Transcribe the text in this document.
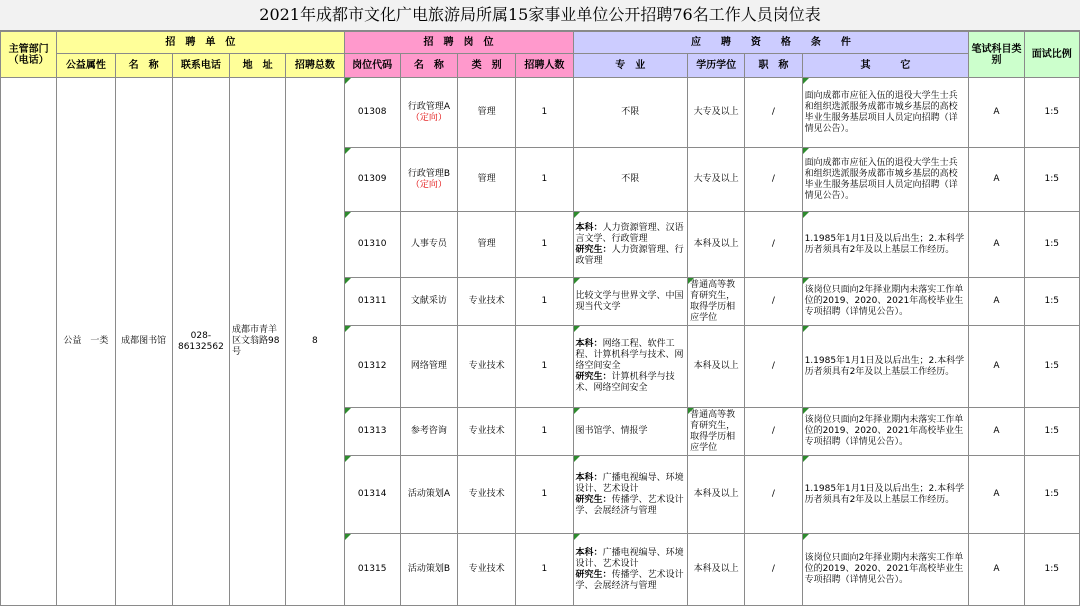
2021年成都市文化广电旅游局所属15家事业单位公开招聘76名工作人员岗位表
主管部门（电话）	招　聘　单　位					招　聘　岗　位				应　　聘　　资　　格　　条　　件				笔试科目类别	面试比例
	公益属性	名　称	联系电话	地　址	招聘总数	岗位代码	名　称	类　别	招聘人数	专　业	学历学位	职　称	其　　　它		
	公益　一类	成都图书馆	028-86132562	成都市青羊区文翁路98号	8	01308	行政管理A
（定向）	管理	1	不限	大专及以上	/	面向成都市应征入伍的退役大学生士兵和组织选派服务成都市城乡基层的高校毕业生服务基层项目人员定向招聘（详情见公告）。	A	1:5
						01309	行政管理B
（定向）	管理	1	不限	大专及以上	/	面向成都市应征入伍的退役大学生士兵和组织选派服务成都市城乡基层的高校毕业生服务基层项目人员定向招聘（详情见公告）。	A	1:5
						01310	人事专员	管理	1	本科：人力资源管理、汉语言文学、行政管理
研究生：人力资源管理、行政管理	本科及以上	/	1.1985年1月1日及以后出生；2.本科学历者须具有2年及以上基层工作经历。	A	1:5
						01311	文献采访	专业技术	1	比较文学与世界文学、中国现当代文学	普通高等教育研究生，取得学历相应学位	/	该岗位只面向2年择业期内未落实工作单位的2019、2020、2021年高校毕业生专项招聘（详情见公告）。	A	1:5
						01312	网络管理	专业技术	1	本科：网络工程、软件工程、计算机科学与技术、网络空间安全
研究生：计算机科学与技术、网络空间安全	本科及以上	/	1.1985年1月1日及以后出生；2.本科学历者须具有2年及以上基层工作经历。	A	1:5
						01313	参考咨询	专业技术	1	图书馆学、情报学	普通高等教育研究生，取得学历相应学位	/	该岗位只面向2年择业期内未落实工作单位的2019、2020、2021年高校毕业生专项招聘（详情见公告）。	A	1:5
						01314	活动策划A	专业技术	1	本科：广播电视编导、环境设计、艺术设计
研究生：传播学、艺术设计学、会展经济与管理	本科及以上	/	1.1985年1月1日及以后出生；2.本科学历者须具有2年及以上基层工作经历。	A	1:5
						01315	活动策划B	专业技术	1	本科：广播电视编导、环境设计、艺术设计
研究生：传播学、艺术设计学、会展经济与管理	本科及以上	/	该岗位只面向2年择业期内未落实工作单位的2019、2020、2021年高校毕业生专项招聘（详情见公告）。	A	1:5
